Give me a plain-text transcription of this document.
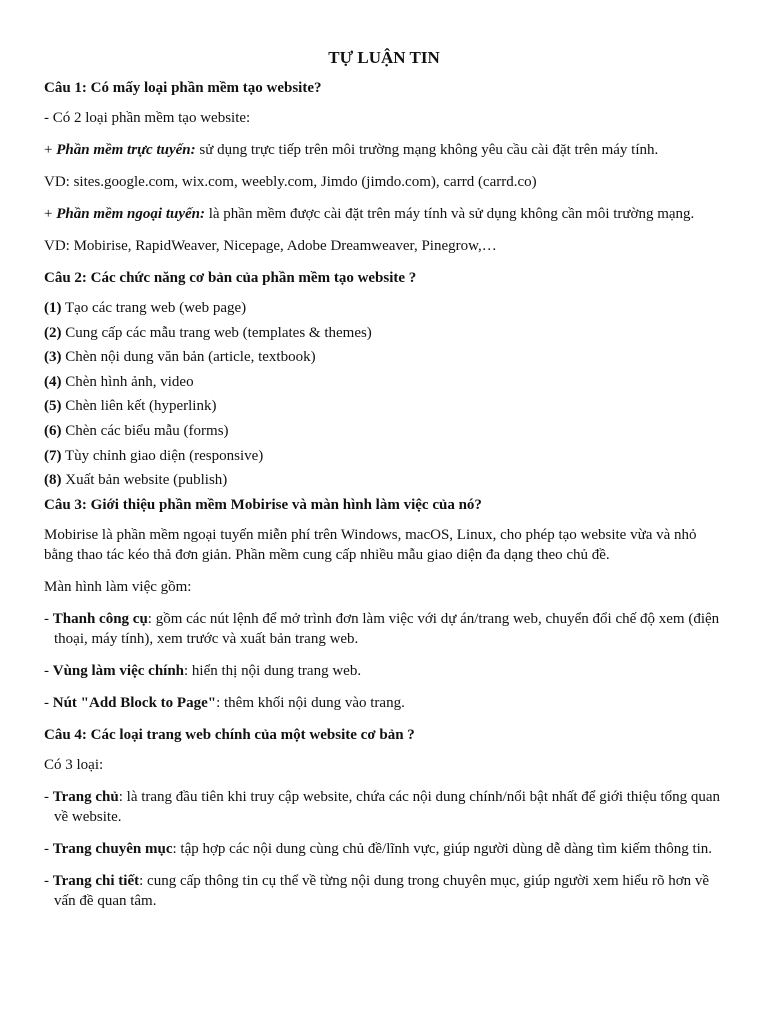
TỰ LUẬN TIN
Câu 1: Có mấy loại phần mềm tạo website?
- Có 2 loại phần mềm tạo website:
+ Phần mềm trực tuyến: sử dụng trực tiếp trên môi trường mạng không yêu cầu cài đặt trên máy tính.
VD: sites.google.com, wix.com, weebly.com, Jimdo (jimdo.com), carrd (carrd.co)
+ Phần mềm ngoại tuyến: là phần mềm được cài đặt trên máy tính và sử dụng không cần môi trường mạng.
VD: Mobirise, RapidWeaver, Nicepage, Adobe Dreamweaver, Pinegrow,…
Câu 2: Các chức năng cơ bản của phần mềm tạo website ?
(1) Tạo các trang web (web page)
(2) Cung cấp các mẫu trang web (templates & themes)
(3) Chèn nội dung văn bản (article, textbook)
(4) Chèn hình ảnh, video
(5) Chèn liên kết (hyperlink)
(6) Chèn các biểu mẫu (forms)
(7) Tùy chỉnh giao diện (responsive)
(8) Xuất bản website (publish)
Câu 3: Giới thiệu phần mềm Mobirise và màn hình làm việc của nó?
Mobirise là phần mềm ngoại tuyến miễn phí trên Windows, macOS, Linux, cho phép tạo website vừa và nhỏ bằng thao tác kéo thả đơn giản. Phần mềm cung cấp nhiều mẫu giao diện đa dạng theo chủ đề.
Màn hình làm việc gồm:
- Thanh công cụ: gồm các nút lệnh để mở trình đơn làm việc với dự án/trang web, chuyển đổi chế độ xem (điện thoại, máy tính), xem trước và xuất bản trang web.
- Vùng làm việc chính: hiển thị nội dung trang web.
- Nút "Add Block to Page": thêm khối nội dung vào trang.
Câu 4: Các loại trang web chính của một website cơ bản ?
Có 3 loại:
- Trang chủ: là trang đầu tiên khi truy cập website, chứa các nội dung chính/nổi bật nhất để giới thiệu tổng quan về website.
- Trang chuyên mục: tập hợp các nội dung cùng chủ đề/lĩnh vực, giúp người dùng dễ dàng tìm kiếm thông tin.
- Trang chi tiết: cung cấp thông tin cụ thể về từng nội dung trong chuyên mục, giúp người xem hiểu rõ hơn về vấn đề quan tâm.
